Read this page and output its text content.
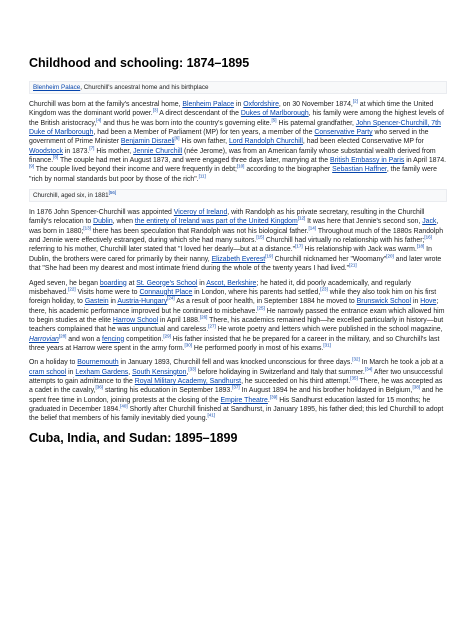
Childhood and schooling: 1874–1895
Blenheim Palace, Churchill's ancestral home and his birthplace

Churchill was born at the family's ancestral home, Blenheim Palace in Oxfordshire, on 30 November 1874,[2] at which time the United Kingdom was the dominant world power.[3] A direct descendant of the Dukes of Marlborough, his family were among the highest levels of the British aristocracy,[4] and thus he was born into the country's governing elite.[5] His paternal grandfather, John Spencer-Churchill, 7th Duke of Marlborough, had been a Member of Parliament (MP) for ten years, a member of the Conservative Party who served in the government of Prime Minister Benjamin Disraeli[6] His own father, Lord Randolph Churchill, had been elected Conservative MP for Woodstock in 1873.[7] His mother, Jennie Churchill (née Jerome), was from an American family whose substantial wealth derived from finance.[8] The couple had met in August 1873, and were engaged three days later, marrying at the British Embassy in Paris in April 1874.[9] The couple lived beyond their income and were frequently in debt;[10] according to the biographer Sebastian Haffner, the family were "rich by normal standards but poor by those of the rich".[11]

Churchill, aged six, in 1881[56]

In 1876 John Spencer-Churchill was appointed Viceroy of Ireland, with Randolph as his private secretary, resulting in the Churchill family's relocation to Dublin, when the entirety of Ireland was part of the United Kingdom[12] It was here that Jennie's second son, Jack, was born in 1880;[13] there has been speculation that Randolph was not his biological father.[14] Throughout much of the 1880s Randolph and Jennie were effectively estranged, during which she had many suitors.[15] Churchill had virtually no relationship with his father;[16] referring to his mother, Churchill later stated that "I loved her dearly—but at a distance."[17] His relationship with Jack was warm.[18] In Dublin, the brothers were cared for primarily by their nanny, Elizabeth Everest[19] Churchill nicknamed her "Woomany"[20] and later wrote that "She had been my dearest and most intimate friend during the whole of the twenty years I had lived."[21]

Aged seven, he began boarding at St. George's School in Ascot, Berkshire; he hated it, did poorly academically, and regularly misbehaved.[22] Visits home were to Connaught Place in London, where his parents had settled,[23] while they also took him on his first foreign holiday, to Gastein in Austria-Hungary[24] As a result of poor health, in September 1884 he moved to Brunswick School in Hove; there, his academic performance improved but he continued to misbehave.[25] He narrowly passed the entrance exam which allowed him to begin studies at the elite Harrow School in April 1888.[26] There, his academics remained high—he excelled particularly in history—but teachers complained that he was unpunctual and careless.[27] He wrote poetry and letters which were published in the school magazine, Harrovian[28] and won a fencing competition.[29] His father insisted that he be prepared for a career in the military, and so Churchill's last three years at Harrow were spent in the army form.[30] He performed poorly in most of his exams.[31]

On a holiday to Bournemouth in January 1893, Churchill fell and was knocked unconscious for three days.[32] In March he took a job at a cram school in Lexham Gardens, South Kensington,[33] before holidaying in Switzerland and Italy that summer.[34] After two unsuccessful attempts to gain admittance to the Royal Military Academy, Sandhurst, he succeeded on his third attempt.[35] There, he was accepted as a cadet in the cavalry,[36] starting his education in September 1893.[37] In August 1894 he and his brother holidayed in Belgium,[38] and he spent free time in London, joining protests at the closing of the Empire Theatre.[39] His Sandhurst education lasted for 15 months; he graduated in December 1894.[40] Shortly after Churchill finished at Sandhurst, in January 1895, his father died; this led Churchill to adopt the belief that members of his family inevitably died young.[41]

Cuba, India, and Sudan: 1895–1899
